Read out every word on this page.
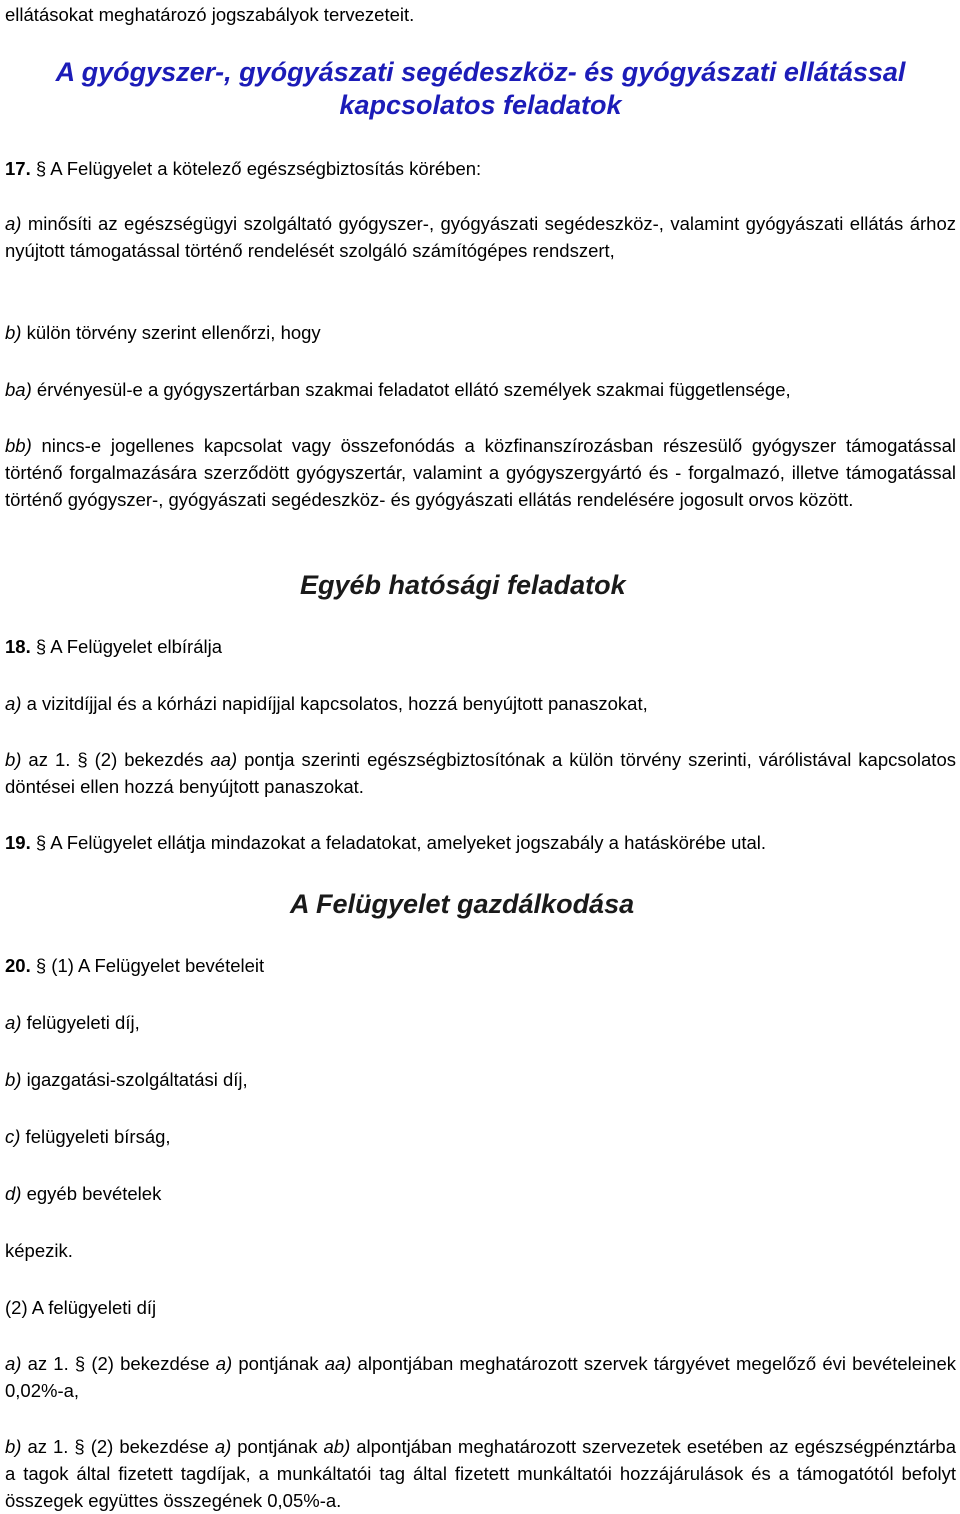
ellátásokat meghatározó jogszabályok tervezeteit.

A gyógyszer-, gyógyászati segédeszköz- és gyógyászati ellátással
kapcsolatos feladatok

17. § A Felügyelet a kötelező egészségbiztosítás körében:

a) minősíti az egészségügyi szolgáltató gyógyszer-, gyógyászati segédeszköz-, valamint gyógyászati ellátás árhoz nyújtott támogatással történő rendelését szolgáló számítógépes rendszert,

b) külön törvény szerint ellenőrzi, hogy

ba) érvényesül-e a gyógyszertárban szakmai feladatot ellátó személyek szakmai függetlensége,

bb) nincs-e jogellenes kapcsolat vagy összefonódás a közfinanszírozásban részesülő gyógyszer támogatással történő forgalmazására szerződött gyógyszertár, valamint a gyógyszergyártó és - forgalmazó, illetve támogatással történő gyógyszer-, gyógyászati segédeszköz- és gyógyászati ellátás rendelésére jogosult orvos között.

Egyéb hatósági feladatok

18. § A Felügyelet elbírálja

a) a vizitdíjjal és a kórházi napidíjjal kapcsolatos, hozzá benyújtott panaszokat,

b) az 1. § (2) bekezdés aa) pontja szerinti egészségbiztosítónak a külön törvény szerinti, várólistával kapcsolatos döntései ellen hozzá benyújtott panaszokat.

19. § A Felügyelet ellátja mindazokat a feladatokat, amelyeket jogszabály a hatáskörébe utal.

A Felügyelet gazdálkodása

20. § (1) A Felügyelet bevételeit

a) felügyeleti díj,

b) igazgatási-szolgáltatási díj,

c) felügyeleti bírság,

d) egyéb bevételek

képezik.

(2) A felügyeleti díj

a) az 1. § (2) bekezdése a) pontjának aa) alpontjában meghatározott szervek tárgyévet megelőző évi bevételeinek 0,02%-a,

b) az 1. § (2) bekezdése a) pontjának ab) alpontjában meghatározott szervezetek esetében az egészségpénztárba a tagok által fizetett tagdíjak, a munkáltatói tag által fizetett munkáltatói hozzájárulások és a támogatótól befolyt összegek együttes összegének 0,05%-a.
